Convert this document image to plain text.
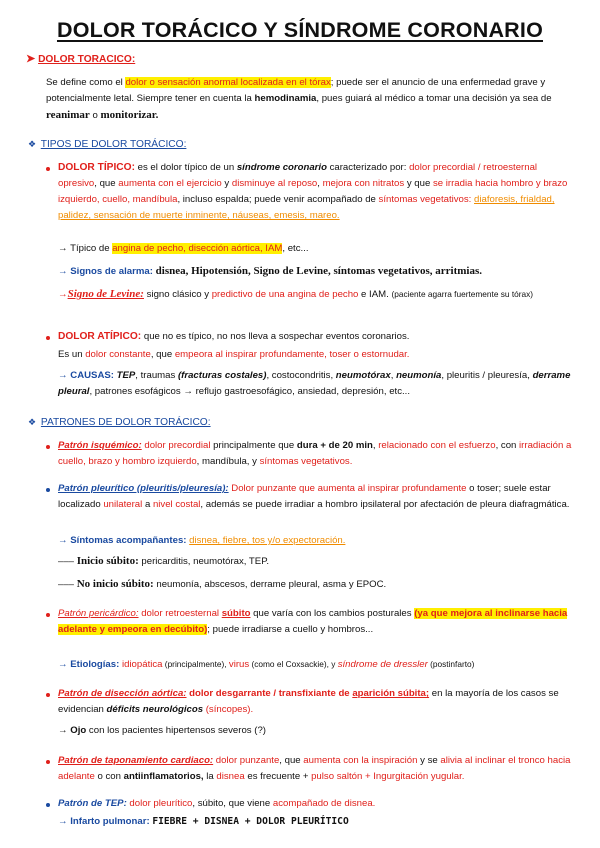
DOLOR TORÁCICO Y SÍNDROME CORONARIO
➤ DOLOR TORACICO:
Se define como el dolor o sensación anormal localizada en el tórax; puede ser el anuncio de una enfermedad grave y potencialmente letal. Siempre tener en cuenta la hemodinamia, pues guiará al médico a tomar una decisión ya sea de reanimar o monitorizar.
❖ TIPOS DE DOLOR TORÁCICO:
DOLOR TÍPICO: es el dolor típico de un síndrome coronario caracterizado por: dolor precordial / retroesternal opresivo, que aumenta con el ejercicio y disminuye al reposo, mejora con nitratos y que se irradia hacia hombro y brazo izquierdo, cuello, mandíbula, incluso espalda; puede venir acompañado de síntomas vegetativos: diaforesis, frialdad, palidez, sensación de muerte inminente, náuseas, emesis, mareo.
→ Típico de angina de pecho, disección aórtica, IAM, etc...
→ Signos de alarma: disnea, Hipotensión, Signo de Levine, síntomas vegetativos, arritmias.
→Signo de Levine: signo clásico y predictivo de una angina de pecho e IAM. (paciente agarra fuertemente su tórax)
DOLOR ATÍPICO: que no es típico, no nos lleva a sospechar eventos coronarios.
Es un dolor constante, que empeora al inspirar profundamente, toser o estornudar.
→ CAUSAS: TEP, traumas (fracturas costales), costocondritis, neumotórax, neumonía, pleuritis / pleuresía, derrame pleural, patrones esofágicos → reflujo gastroesofágico, ansiedad, depresión, etc...
❖ PATRONES DE DOLOR TORÁCICO:
Patrón isquémico: dolor precordial principalmente que dura + de 20 min, relacionado con el esfuerzo, con irradiación a cuello, brazo y hombro izquierdo, mandíbula, y síntomas vegetativos.
Patrón pleurítico (pleuritis/pleuresía): Dolor punzante que aumenta al inspirar profundamente o toser; suele estar localizado unilateral a nivel costal, además se puede irradiar a hombro ipsilateral por afectación de pleura diafragmática.
→ Síntomas acompañantes: disnea, fiebre, tos y/o expectoración.
––– Inicio súbito: pericarditis, neumotórax, TEP.
––– No inicio súbito: neumonía, abscesos, derrame pleural, asma y EPOC.
Patrón pericárdico: dolor retroesternal súbito que varía con los cambios posturales (ya que mejora al inclinarse hacia adelante y empeora en decúbito); puede irradiarse a cuello y hombros...
→ Etiologías: idiopática (principalmente), virus (como el Coxsackie), y síndrome de dressler (postinfarto)
Patrón de disección aórtica: dolor desgarrante / transfixiante de aparición súbita; en la mayoría de los casos se evidencian déficits neurológicos (síncopes).
→ Ojo con los pacientes hipertensos severos (?)
Patrón de taponamiento cardiaco: dolor punzante, que aumenta con la inspiración y se alivia al inclinar el tronco hacia adelante o con antiinflamatorios, la disnea es frecuente + pulso saltón + Ingurgitación yugular.
Patrón de TEP: dolor pleurítico, súbito, que viene acompañado de disnea.
→ Infarto pulmonar: FIEBRE + DISNEA + DOLOR PLEURÍTICO
